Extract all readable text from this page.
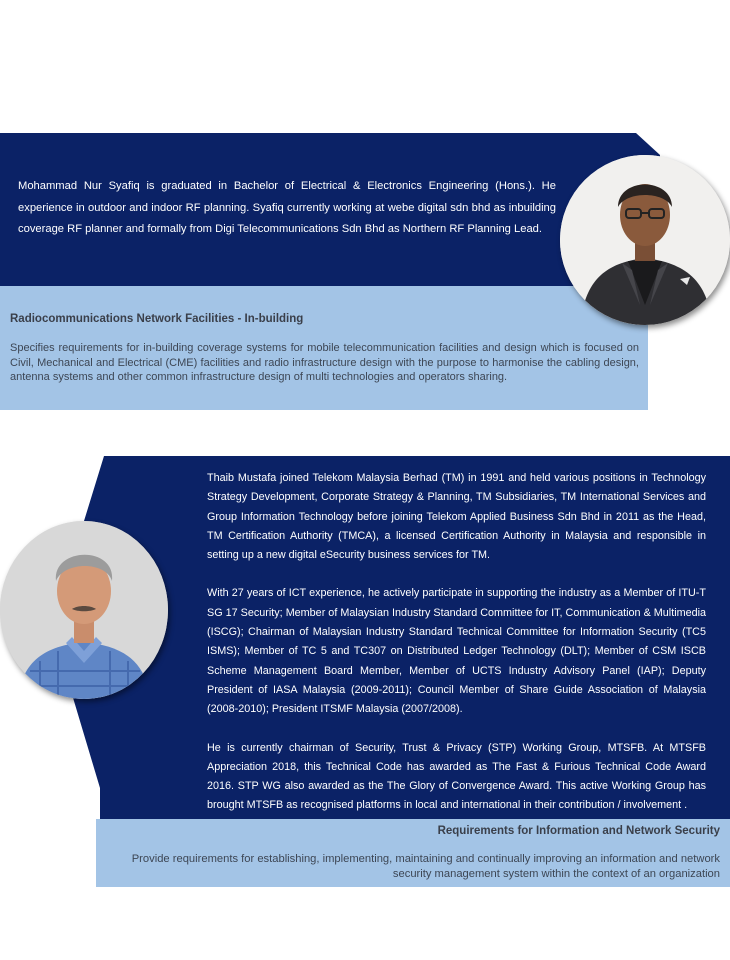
Mohammad Nur Syafiq is graduated in Bachelor of Electrical & Electronics Engineering (Hons.). He experience in outdoor and indoor RF planning. Syafiq currently working at webe digital sdn bhd as inbuilding coverage RF planner and formally from Digi Telecommunications Sdn Bhd as Northern RF Planning Lead.
Radiocommunications Network Facilities - In-building
Specifies requirements for in-building coverage systems for mobile telecommunication facilities and design which is focused on Civil, Mechanical and Electrical (CME) facilities and radio infrastructure design with the purpose to harmonise the cabling design, antenna systems and other common infrastructure design of multi technologies and operators sharing.

Thaib Mustafa joined Telekom Malaysia Berhad (TM) in 1991 and held various positions in Technology Strategy Development, Corporate Strategy & Planning, TM Subsidiaries, TM International Services and Group Information Technology before joining Telekom Applied Business Sdn Bhd in 2011 as the Head, TM Certification Authority (TMCA), a licensed Certification Authority in Malaysia and responsible in setting up a new digital eSecurity business services for TM.

With 27 years of ICT experience, he actively participate in supporting the industry as a Member of ITU-T SG 17 Security; Member of Malaysian Industry Standard Committee for IT, Communication & Multimedia (ISCG); Chairman of Malaysian Industry Standard Technical Committee for Information Security (TC5 ISMS); Member of TC 5 and TC307 on Distributed Ledger Technology (DLT); Member of CSM ISCB Scheme Management Board Member, Member of UCTS Industry Advisory Panel (IAP); Deputy President of IASA Malaysia (2009-2011); Council Member of Share Guide Association of Malaysia (2008-2010); President ITSMF Malaysia (2007/2008).

He is currently chairman of Security, Trust & Privacy (STP) Working Group, MTSFB. At MTSFB Appreciation 2018, this Technical Code has awarded as The Fast & Furious Technical Code Award 2016. STP WG also awarded as the The Glory of Convergence Award. This active Working Group has brought MTSFB as recognised platforms in local and international in their contribution / involvement .

Requirements for Information and Network Security
Provide requirements for establishing, implementing, maintaining and continually improving an information and network security management system within the context of an organization
